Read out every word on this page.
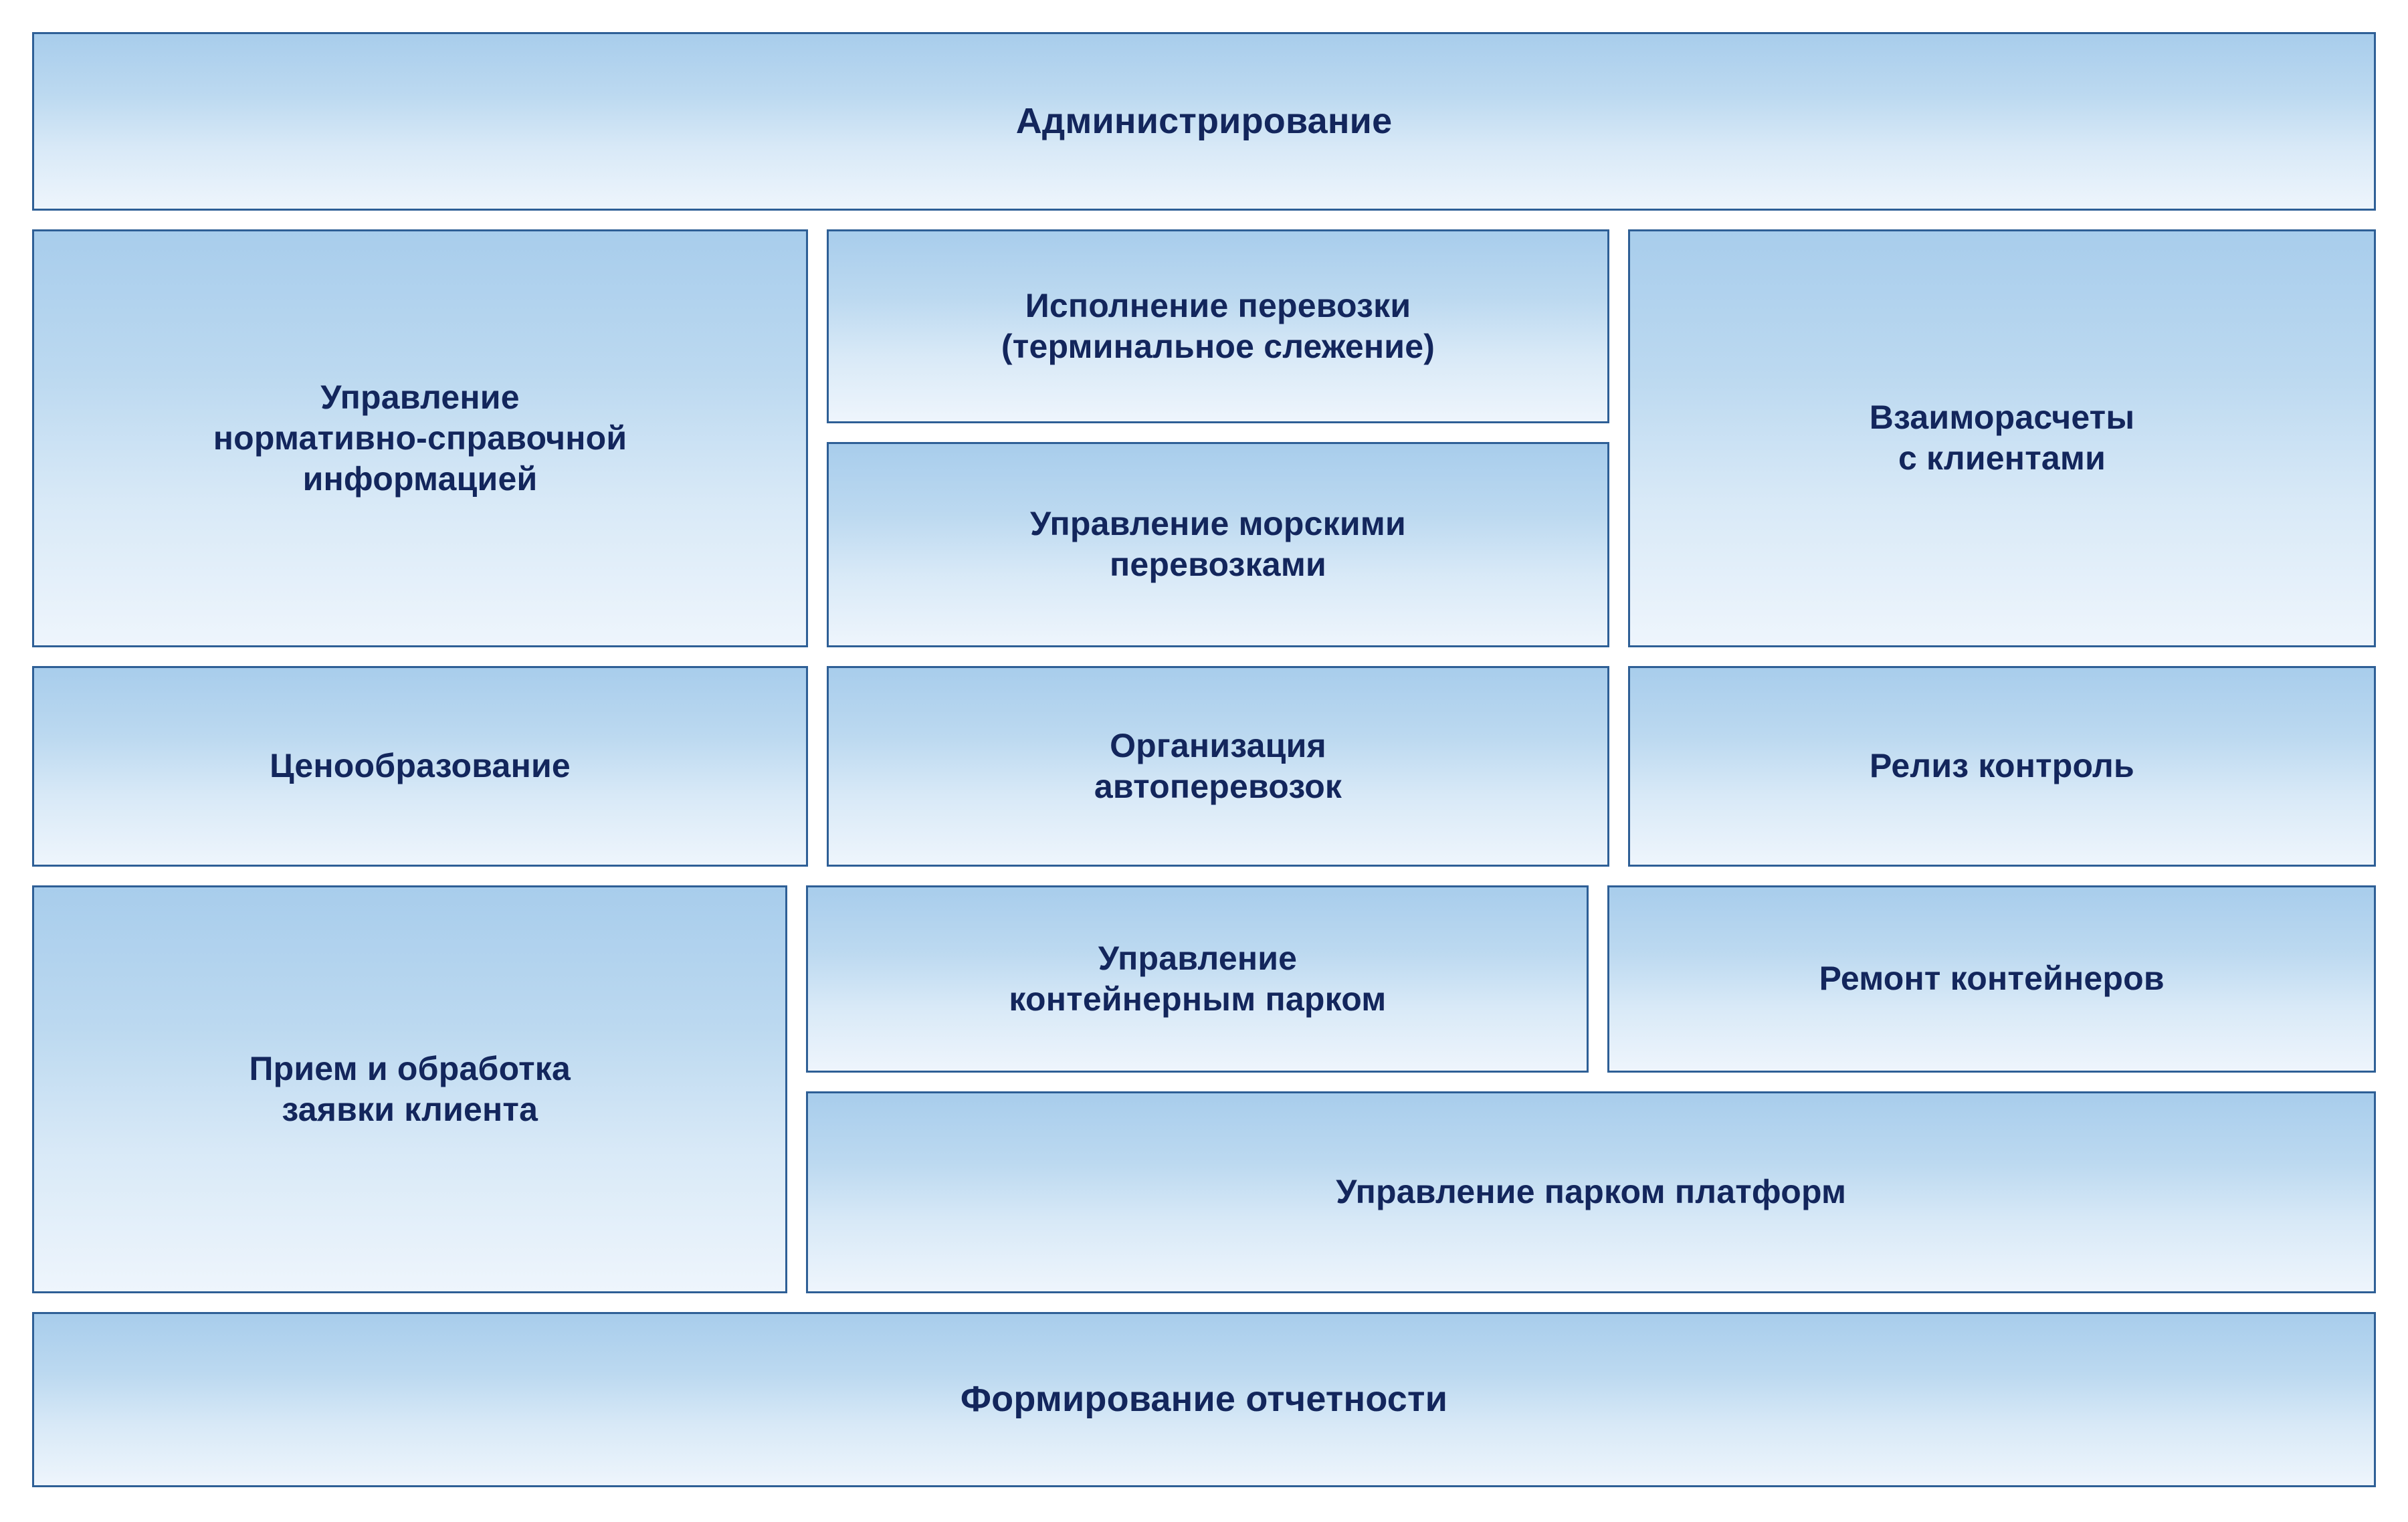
Администрирование
Управление
нормативно-справочной
информацией
Исполнение перевозки
(терминальное слежение)
Управление морскими
перевозками
Взаиморасчеты
с клиентами
Ценообразование
Организация
автоперевозок
Релиз контроль
Прием и обработка
заявки клиента
Управление
контейнерным парком
Ремонт контейнеров
Управление парком платформ
Формирование отчетности
